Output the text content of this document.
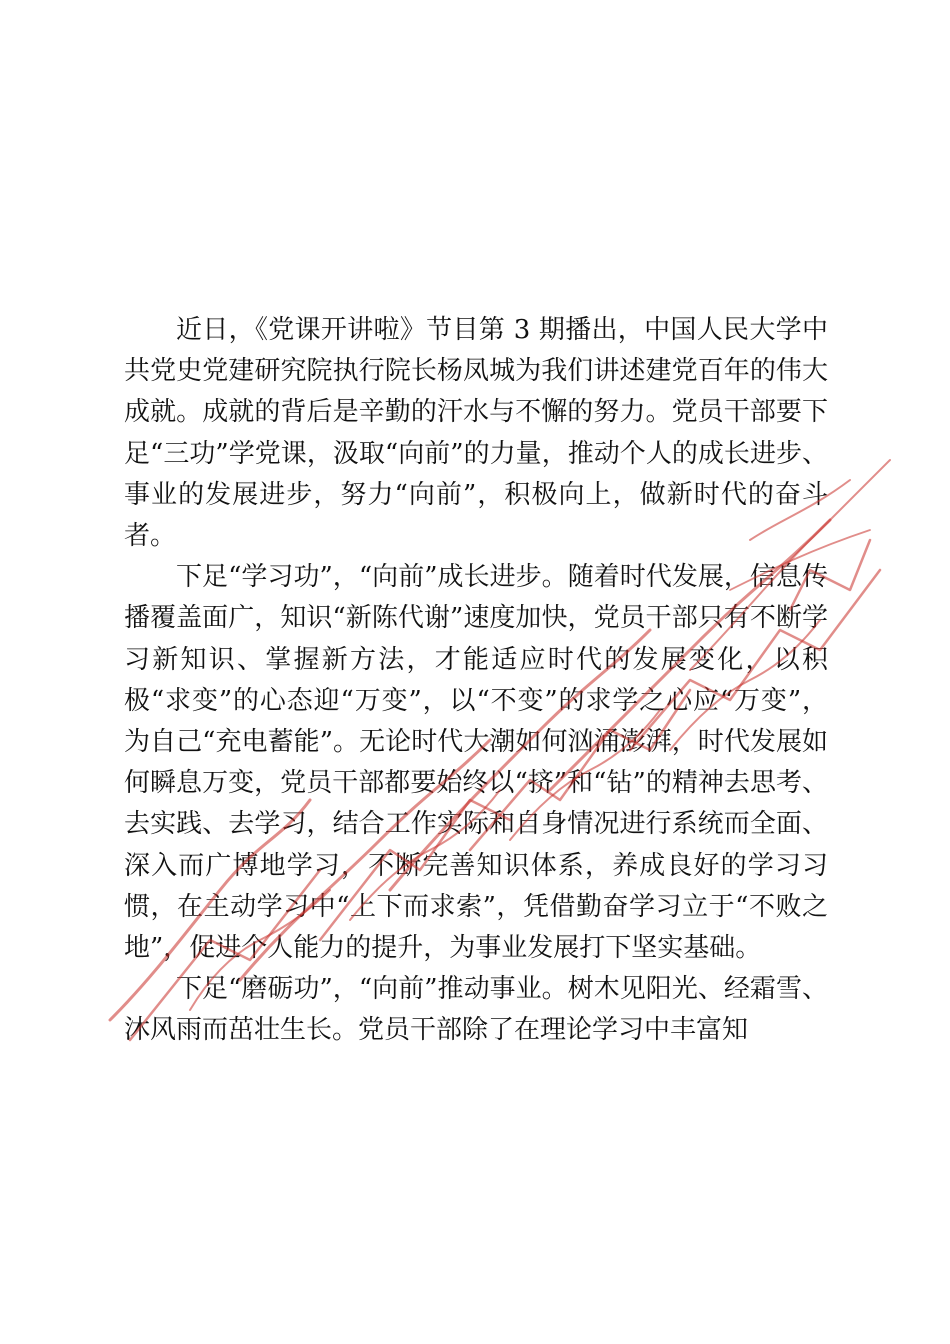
近日，《党课开讲啦》节目第 3 期播出，中国人民大学中共党史党建研究院执行院长杨凤城为我们讲述建党百年的伟大成就。成就的背后是辛勤的汗水与不懈的努力。党员干部要下足“三功”学党课，汲取“向前”的力量，推动个人的成长进步、事业的发展进步，努力“向前”，积极向上，做新时代的奋斗者。

下足“学习功”，“向前”成长进步。随着时代发展，信息传播覆盖面广，知识“新陈代谢”速度加快，党员干部只有不断学习新知识、掌握新方法，才能适应时代的发展变化，以积极“求变”的心态迎“万变”，以“不变”的求学之心应“万变”，为自己“充电蓄能”。无论时代大潮如何汹涌澎湃，时代发展如何瞬息万变，党员干部都要始终以“挤”和“钻”的精神去思考、去实践、去学习，结合工作实际和自身情况进行系统而全面、深入而广博地学习，不断完善知识体系，养成良好的学习习惯，在主动学习中“上下而求索”，凭借勤奋学习立于“不败之地”，促进个人能力的提升，为事业发展打下坚实基础。

下足“磨砺功”，“向前”推动事业。树木见阳光、经霜雪、沐风雨而茁壮生长。党员干部除了在理论学习中丰富知
